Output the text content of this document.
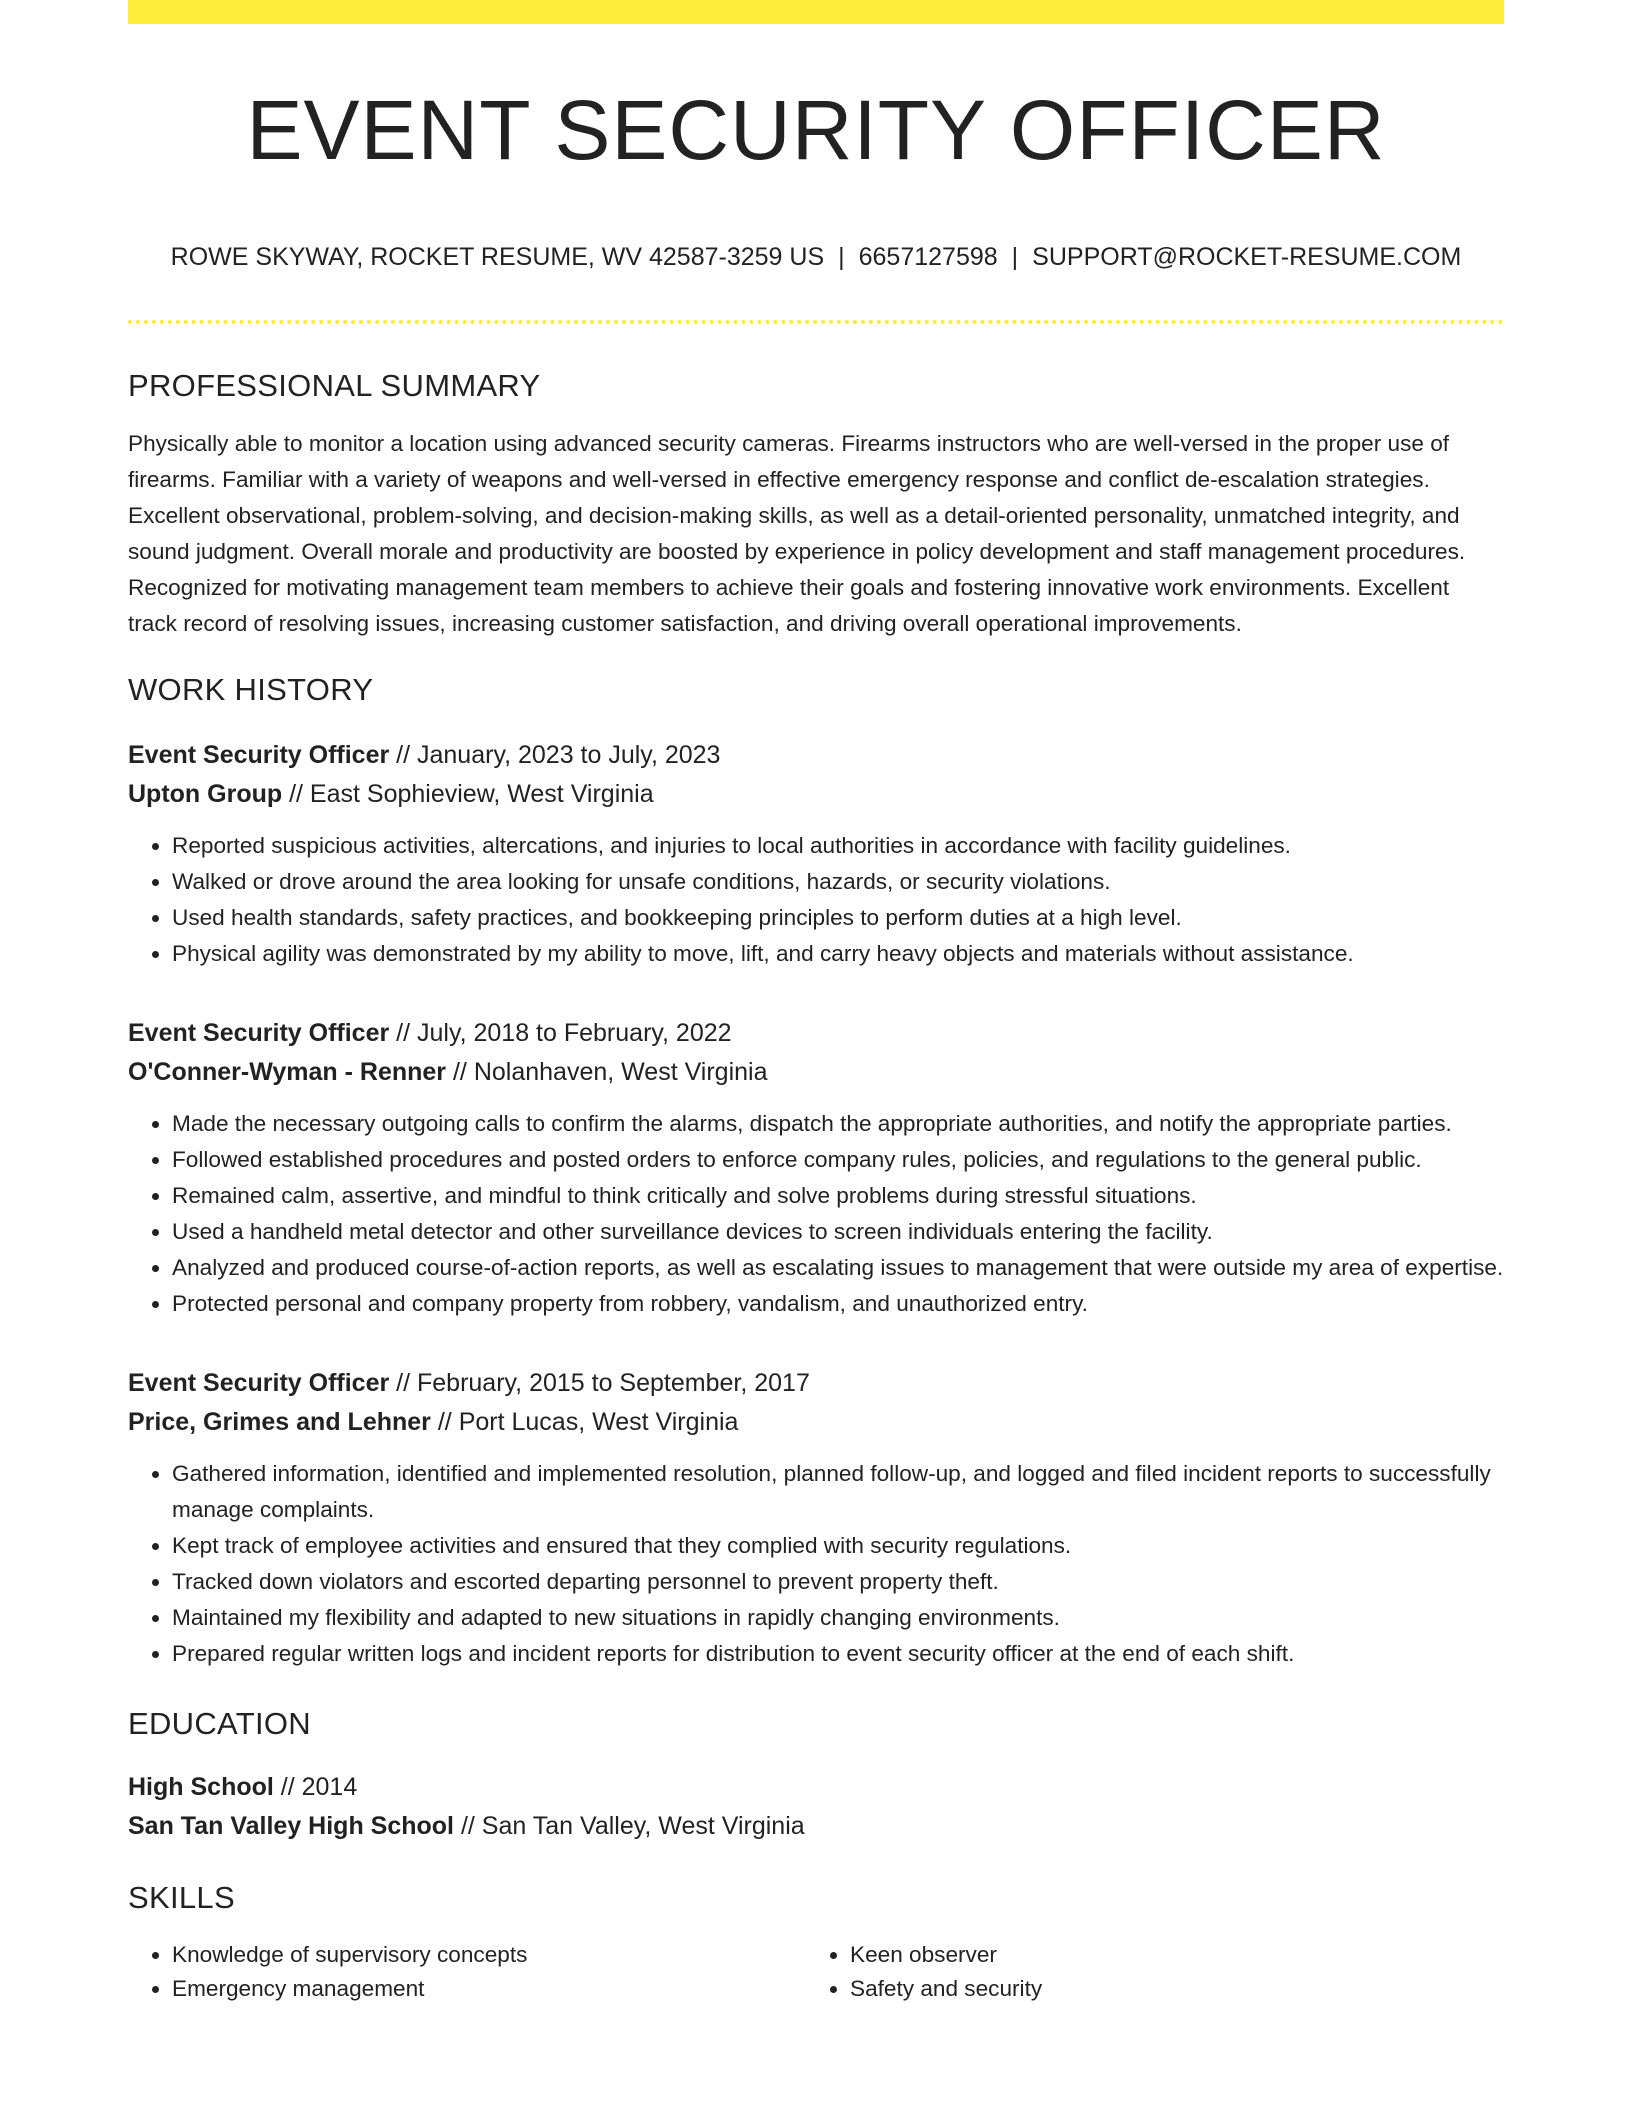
EVENT SECURITY OFFICER
ROWE SKYWAY, ROCKET RESUME, WV 42587-3259 US | 6657127598 | SUPPORT@ROCKET-RESUME.COM
PROFESSIONAL SUMMARY

Physically able to monitor a location using advanced security cameras. Firearms instructors who are well-versed in the proper use of firearms. Familiar with a variety of weapons and well-versed in effective emergency response and conflict de-escalation strategies. Excellent observational, problem-solving, and decision-making skills, as well as a detail-oriented personality, unmatched integrity, and sound judgment. Overall morale and productivity are boosted by experience in policy development and staff management procedures. Recognized for motivating management team members to achieve their goals and fostering innovative work environments. Excellent track record of resolving issues, increasing customer satisfaction, and driving overall operational improvements.

WORK HISTORY
Event Security Officer // January, 2023 to July, 2023
Upton Group // East Sophieview, West Virginia
• Reported suspicious activities, altercations, and injuries to local authorities in accordance with facility guidelines.
• Walked or drove around the area looking for unsafe conditions, hazards, or security violations.
• Used health standards, safety practices, and bookkeeping principles to perform duties at a high level.
• Physical agility was demonstrated by my ability to move, lift, and carry heavy objects and materials without assistance.
Event Security Officer // July, 2018 to February, 2022
O'Conner-Wyman - Renner // Nolanhaven, West Virginia
• Made the necessary outgoing calls to confirm the alarms, dispatch the appropriate authorities, and notify the appropriate parties.
• Followed established procedures and posted orders to enforce company rules, policies, and regulations to the general public.
• Remained calm, assertive, and mindful to think critically and solve problems during stressful situations.
• Used a handheld metal detector and other surveillance devices to screen individuals entering the facility.
• Analyzed and produced course-of-action reports, as well as escalating issues to management that were outside my area of expertise.
• Protected personal and company property from robbery, vandalism, and unauthorized entry.
Event Security Officer // February, 2015 to September, 2017
Price, Grimes and Lehner // Port Lucas, West Virginia
• Gathered information, identified and implemented resolution, planned follow-up, and logged and filed incident reports to successfully manage complaints.
• Kept track of employee activities and ensured that they complied with security regulations.
• Tracked down violators and escorted departing personnel to prevent property theft.
• Maintained my flexibility and adapted to new situations in rapidly changing environments.
• Prepared regular written logs and incident reports for distribution to event security officer at the end of each shift.
EDUCATION
High School // 2014
San Tan Valley High School // San Tan Valley, West Virginia
SKILLS
• Knowledge of supervisory concepts
• Emergency management
• Keen observer
• Safety and security
